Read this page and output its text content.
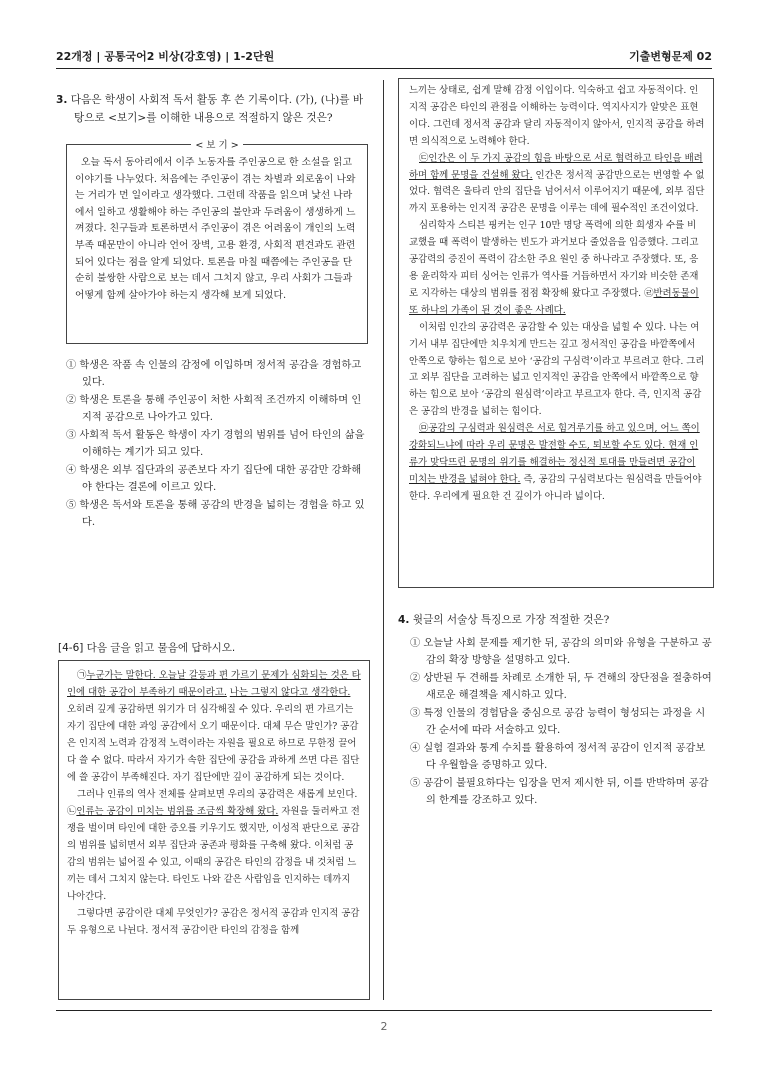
22개정 | 공통국어2 비상(강호영) | 1-2단원	기출변형문제 02

3. 다음은 학생이 사회적 독서 활동 후 쓴 기록이다. (가), (나)를 바탕으로 <보기>를 이해한 내용으로 적절하지 않은 것은?

< 보 기 >
오늘 독서 동아리에서 이주 노동자를 주인공으로 한 소설을 읽고 이야기를 나누었다. 처음에는 주인공이 겪는 차별과 외로움이 나와는 거리가 먼 일이라고 생각했다. 그런데 작품을 읽으며 낯선 나라에서 일하고 생활해야 하는 주인공의 불안과 두려움이 생생하게 느껴졌다. 친구들과 토론하면서 주인공이 겪은 어려움이 개인의 노력 부족 때문만이 아니라 언어 장벽, 고용 환경, 사회적 편견과도 관련되어 있다는 점을 알게 되었다. 토론을 마칠 때쯤에는 주인공을 단순히 불쌍한 사람으로 보는 데서 그치지 않고, 우리 사회가 그들과 어떻게 함께 살아가야 하는지 생각해 보게 되었다.

① 학생은 작품 속 인물의 감정에 이입하며 정서적 공감을 경험하고 있다.

② 학생은 토론을 통해 주인공이 처한 사회적 조건까지 이해하며 인지적 공감으로 나아가고 있다.

③ 사회적 독서 활동은 학생이 자기 경험의 범위를 넘어 타인의 삶을 이해하는 계기가 되고 있다.

④ 학생은 외부 집단과의 공존보다 자기 집단에 대한 공감만 강화해야 한다는 결론에 이르고 있다.

⑤ 학생은 독서와 토론을 통해 공감의 반경을 넓히는 경험을 하고 있다.

[4-6] 다음 글을 읽고 물음에 답하시오.

㉠누군가는 말한다. 오늘날 갈등과 편 가르기 문제가 심화되는 것은 타인에 대한 공감이 부족하기 때문이라고. 나는 그렇지 않다고 생각한다. 오히려 깊게 공감하면 위기가 더 심각해질 수 있다. 우리의 편 가르기는 자기 집단에 대한 과잉 공감에서 오기 때문이다. 대체 무슨 말인가? 공감은 인지적 노력과 감정적 노력이라는 자원을 필요로 하므로 무한정 끌어다 쓸 수 없다. 따라서 자기가 속한 집단에 공감을 과하게 쓰면 다른 집단에 쓸 공감이 부족해진다. 자기 집단에만 깊이 공감하게 되는 것이다.

그러나 인류의 역사 전체를 살펴보면 우리의 공감력은 새롭게 보인다. ㉡인류는 공감이 미치는 범위를 조금씩 확장해 왔다. 자원을 둘러싸고 전쟁을 벌이며 타인에 대한 증오를 키우기도 했지만, 이성적 판단으로 공감의 범위를 넓히면서 외부 집단과 공존과 평화를 구축해 왔다. 이처럼 공감의 범위는 넓어질 수 있고, 이때의 공감은 타인의 감정을 내 것처럼 느끼는 데서 그치지 않는다. 타인도 나와 같은 사람임을 인지하는 데까지 나아간다.

그렇다면 공감이란 대체 무엇인가? 공감은 정서적 공감과 인지적 공감 두 유형으로 나뉜다. 정서적 공감이란 타인의 감정을 함께

느끼는 상태로, 쉽게 말해 감정 이입이다. 익숙하고 쉽고 자동적이다. 인지적 공감은 타인의 관점을 이해하는 능력이다. 역지사지가 알맞은 표현이다. 그런데 정서적 공감과 달리 자동적이지 않아서, 인지적 공감을 하려면 의식적으로 노력해야 한다.

㉢인간은 이 두 가지 공감의 힘을 바탕으로 서로 협력하고 타인을 배려하며 함께 문명을 건설해 왔다. 인간은 정서적 공감만으로는 번영할 수 없었다. 협력은 울타리 안의 집단을 넘어서서 이루어지기 때문에, 외부 집단까지 포용하는 인지적 공감은 문명을 이루는 데에 필수적인 조건이었다.

심리학자 스티븐 핑커는 인구 10만 명당 폭력에 의한 희생자 수를 비교했을 때 폭력이 발생하는 빈도가 과거보다 줄었음을 입증했다. 그리고 공감력의 증진이 폭력이 감소한 주요 원인 중 하나라고 주장했다. 또, 응용 윤리학자 피터 싱어는 인류가 역사를 거듭하면서 자기와 비슷한 존재로 지각하는 대상의 범위를 점점 확장해 왔다고 주장했다. ㉣반려동물이 또 하나의 가족이 된 것이 좋은 사례다.

이처럼 인간의 공감력은 공감할 수 있는 대상을 넓힐 수 있다. 나는 여기서 내부 집단에만 치우치게 만드는 깊고 정서적인 공감을 바깥쪽에서 안쪽으로 향하는 힘으로 보아 ‘공감의 구심력’이라고 부르려고 한다. 그리고 외부 집단을 고려하는 넓고 인지적인 공감을 안쪽에서 바깥쪽으로 향하는 힘으로 보아 ‘공감의 원심력’이라고 부르고자 한다. 즉, 인지적 공감은 공감의 반경을 넓히는 힘이다.

㉤공감의 구심력과 원심력은 서로 힘겨루기를 하고 있으며, 어느 쪽이 강화되느냐에 따라 우리 문명은 발전할 수도, 퇴보할 수도 있다. 현재 인류가 맞닥뜨린 문명의 위기를 해결하는 정신적 토대를 만들려면 공감이 미치는 반경을 넓혀야 한다. 즉, 공감의 구심력보다는 원심력을 만들어야 한다. 우리에게 필요한 건 깊이가 아니라 넓이다.

4. 윗글의 서술상 특징으로 가장 적절한 것은?

① 오늘날 사회 문제를 제기한 뒤, 공감의 의미와 유형을 구분하고 공감의 확장 방향을 설명하고 있다.

② 상반된 두 견해를 차례로 소개한 뒤, 두 견해의 장단점을 절충하여 새로운 해결책을 제시하고 있다.

③ 특정 인물의 경험담을 중심으로 공감 능력이 형성되는 과정을 시간 순서에 따라 서술하고 있다.

④ 실험 결과와 통계 수치를 활용하여 정서적 공감이 인지적 공감보다 우월함을 증명하고 있다.

⑤ 공감이 불필요하다는 입장을 먼저 제시한 뒤, 이를 반박하며 공감의 한계를 강조하고 있다.

2
